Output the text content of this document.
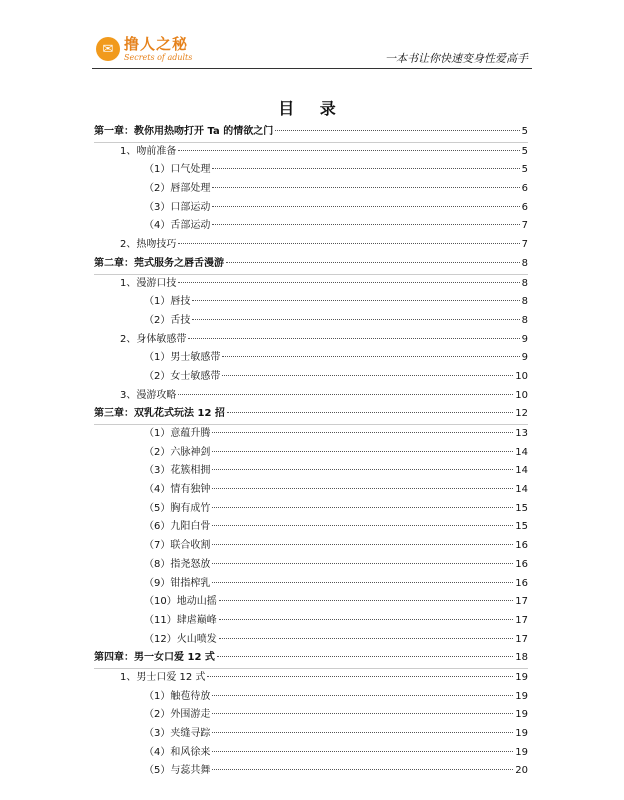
✉ 撸人之秘
Secrets of adults	一本书让你快速变身性爱高手
目 录
第一章：教你用热吻打开 Ta 的情欲之门	5
1、吻前准备	5
（1）口气处理	5
（2）唇部处理	6
（3）口部运动	6
（4）舌部运动	7
2、热吻技巧	7
第二章：莞式服务之唇舌漫游	8
1、漫游口技	8
（1）唇技	8
（2）舌技	8
2、身体敏感带	9
（1）男士敏感带	9
（2）女士敏感带	10
3、漫游攻略	10
第三章：双乳花式玩法 12 招	12
（1）意蕴升腾	13
（2）六脉神剑	14
（3）花簇相拥	14
（4）情有独钟	14
（5）胸有成竹	15
（6）九阳白骨	15
（7）联合收割	16
（8）指尧怒放	16
（9）钳指榨乳	16
（10）地动山摇	17
（11）肆虐巅峰	17
（12）火山喷发	17
第四章：男一女口爱 12 式	18
1、男士口爱 12 式	19
（1）触苞待放	19
（2）外围游走	19
（3）夹缝寻踪	19
（4）和风徐来	19
（5）与蕊共舞	20
